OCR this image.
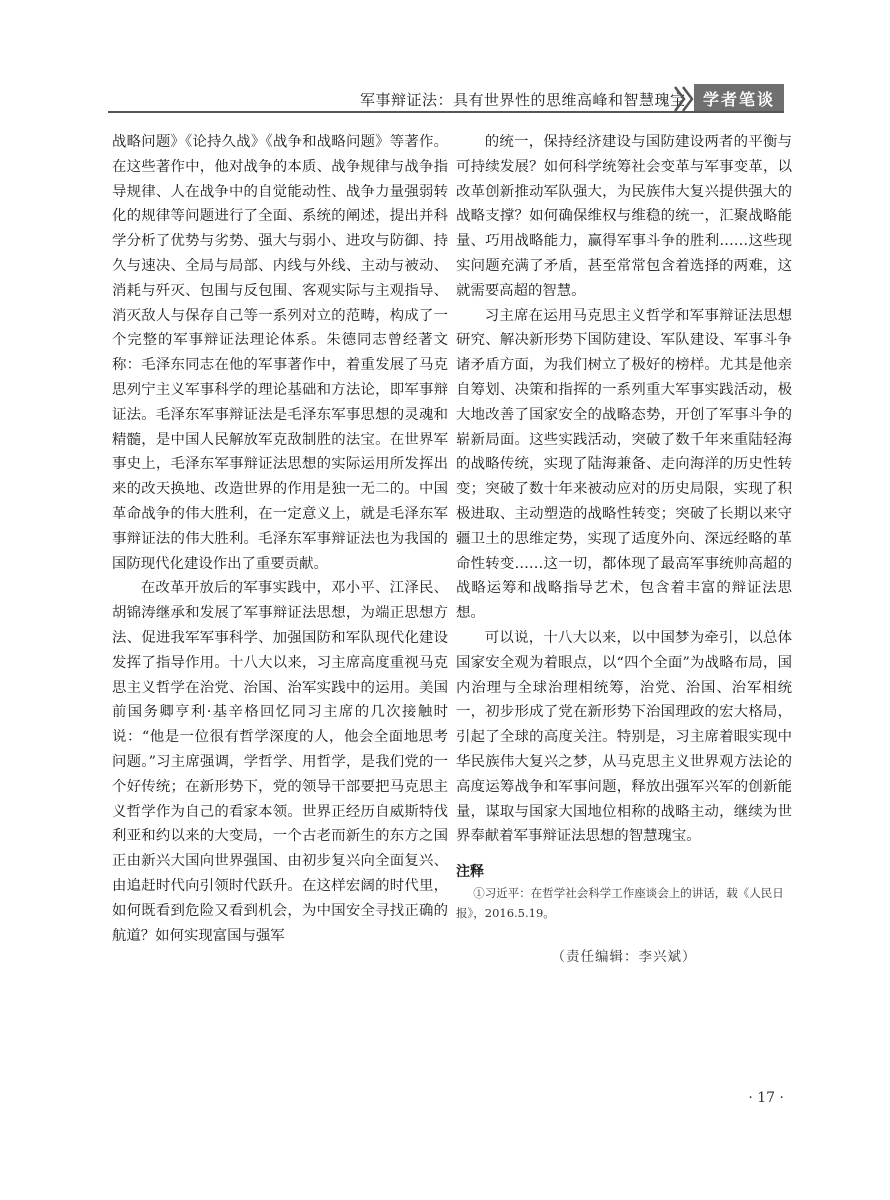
军事辩证法：具有世界性的思维高峰和智慧瑰宝	学者笔谈

战略问题》《论持久战》《战争和战略问题》等著作。在这些著作中，他对战争的本质、战争规律与战争指导规律、人在战争中的自觉能动性、战争力量强弱转化的规律等问题进行了全面、系统的阐述，提出并科学分析了优势与劣势、强大与弱小、进攻与防御、持久与速决、全局与局部、内线与外线、主动与被动、消耗与歼灭、包围与反包围、客观实际与主观指导、消灭敌人与保存自己等一系列对立的范畴，构成了一个完整的军事辩证法理论体系。朱德同志曾经著文称：毛泽东同志在他的军事著作中，着重发展了马克思列宁主义军事科学的理论基础和方法论，即军事辩证法。毛泽东军事辩证法是毛泽东军事思想的灵魂和精髓，是中国人民解放军克敌制胜的法宝。在世界军事史上，毛泽东军事辩证法思想的实际运用所发挥出来的改天换地、改造世界的作用是独一无二的。中国革命战争的伟大胜利，在一定意义上，就是毛泽东军事辩证法的伟大胜利。毛泽东军事辩证法也为我国的国防现代化建设作出了重要贡献。

在改革开放后的军事实践中，邓小平、江泽民、胡锦涛继承和发展了军事辩证法思想，为端正思想方法、促进我军军事科学、加强国防和军队现代化建设发挥了指导作用。十八大以来，习主席高度重视马克思主义哲学在治党、治国、治军实践中的运用。美国前国务卿亨利·基辛格回忆同习主席的几次接触时说：“他是一位很有哲学深度的人，他会全面地思考问题。”习主席强调，学哲学、用哲学，是我们党的一个好传统；在新形势下，党的领导干部要把马克思主义哲学作为自己的看家本领。世界正经历自威斯特伐利亚和约以来的大变局，一个古老而新生的东方之国正由新兴大国向世界强国、由初步复兴向全面复兴、由追赶时代向引领时代跃升。在这样宏阔的时代里，如何既看到危险又看到机会，为中国安全寻找正确的航道？如何实现富国与强军

的统一，保持经济建设与国防建设两者的平衡与可持续发展？如何科学统筹社会变革与军事变革，以改革创新推动军队强大，为民族伟大复兴提供强大的战略支撑？如何确保维权与维稳的统一，汇聚战略能量、巧用战略能力，赢得军事斗争的胜利……这些现实问题充满了矛盾，甚至常常包含着选择的两难，这就需要高超的智慧。

习主席在运用马克思主义哲学和军事辩证法思想研究、解决新形势下国防建设、军队建设、军事斗争诸矛盾方面，为我们树立了极好的榜样。尤其是他亲自筹划、决策和指挥的一系列重大军事实践活动，极大地改善了国家安全的战略态势，开创了军事斗争的崭新局面。这些实践活动，突破了数千年来重陆轻海的战略传统，实现了陆海兼备、走向海洋的历史性转变；突破了数十年来被动应对的历史局限，实现了积极进取、主动塑造的战略性转变；突破了长期以来守疆卫土的思维定势，实现了适度外向、深远经略的革命性转变……这一切，都体现了最高军事统帅高超的战略运筹和战略指导艺术，包含着丰富的辩证法思想。

可以说，十八大以来，以中国梦为牵引，以总体国家安全观为着眼点，以“四个全面”为战略布局，国内治理与全球治理相统筹，治党、治国、治军相统一，初步形成了党在新形势下治国理政的宏大格局，引起了全球的高度关注。特别是，习主席着眼实现中华民族伟大复兴之梦，从马克思主义世界观方法论的高度运筹战争和军事问题，释放出强军兴军的创新能量，谋取与国家大国地位相称的战略主动，继续为世界奉献着军事辩证法思想的智慧瑰宝。

注释
①习近平：在哲学社会科学工作座谈会上的讲话，载《人民日报》，2016.5.19。
（责任编辑：李兴斌）
· 17 ·
